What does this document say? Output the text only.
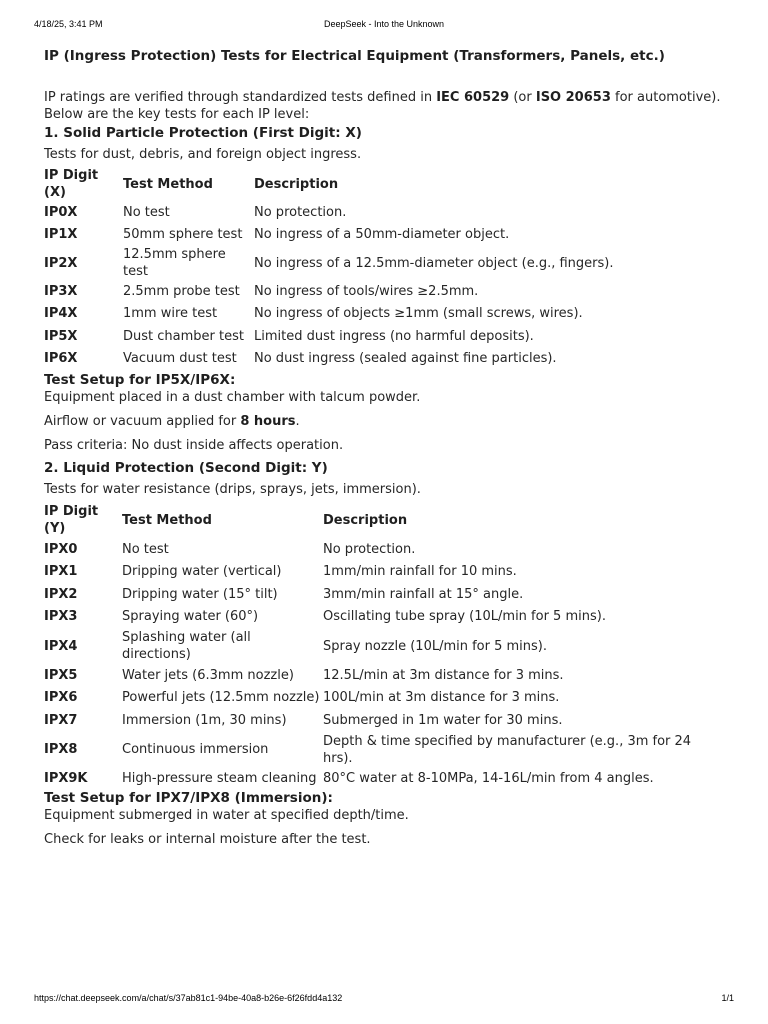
4/18/25, 3:41 PM	DeepSeek - Into the Unknown
IP (Ingress Protection) Tests for Electrical Equipment (Transformers, Panels, etc.)
IP ratings are verified through standardized tests defined in IEC 60529 (or ISO 20653 for automotive).
Below are the key tests for each IP level:
1. Solid Particle Protection (First Digit: X)
Tests for dust, debris, and foreign object ingress.
IP Digit (X)	Test Method	Description
IP0X	No test	No protection.
IP1X	50mm sphere test	No ingress of a 50mm-diameter object.
IP2X	12.5mm sphere test	No ingress of a 12.5mm-diameter object (e.g., fingers).
IP3X	2.5mm probe test	No ingress of tools/wires ≥2.5mm.
IP4X	1mm wire test	No ingress of objects ≥1mm (small screws, wires).
IP5X	Dust chamber test	Limited dust ingress (no harmful deposits).
IP6X	Vacuum dust test	No dust ingress (sealed against fine particles).
Test Setup for IP5X/IP6X:
Equipment placed in a dust chamber with talcum powder.
Airflow or vacuum applied for 8 hours.
Pass criteria: No dust inside affects operation.
2. Liquid Protection (Second Digit: Y)
Tests for water resistance (drips, sprays, jets, immersion).
IP Digit (Y)	Test Method	Description
IPX0	No test	No protection.
IPX1	Dripping water (vertical)	1mm/min rainfall for 10 mins.
IPX2	Dripping water (15° tilt)	3mm/min rainfall at 15° angle.
IPX3	Spraying water (60°)	Oscillating tube spray (10L/min for 5 mins).
IPX4	Splashing water (all directions)	Spray nozzle (10L/min for 5 mins).
IPX5	Water jets (6.3mm nozzle)	12.5L/min at 3m distance for 3 mins.
IPX6	Powerful jets (12.5mm nozzle)	100L/min at 3m distance for 3 mins.
IPX7	Immersion (1m, 30 mins)	Submerged in 1m water for 30 mins.
IPX8	Continuous immersion	Depth & time specified by manufacturer (e.g., 3m for 24 hrs).

IPX9K	High-pressure steam cleaning	80°C water at 8-10MPa, 14-16L/min from 4 angles.
Test Setup for IPX7/IPX8 (Immersion):
Equipment submerged in water at specified depth/time.
Check for leaks or internal moisture after the test.
https://chat.deepseek.com/a/chat/s/37ab81c1-94be-40a8-b26e-6f26fdd4a132	1/1
